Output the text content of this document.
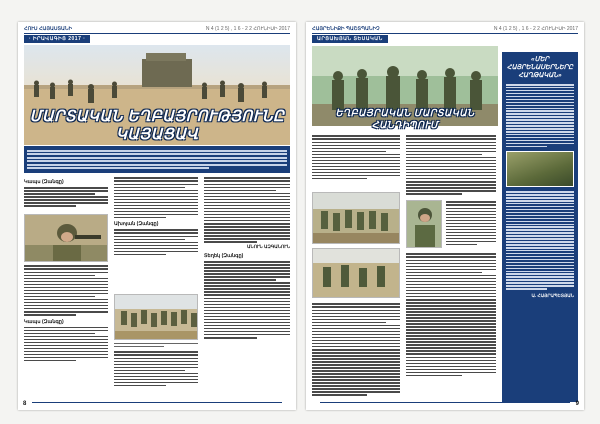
ՀՈՒՍ ՀԱՅԱՍՏԱՆԻ	N 4 (1 2 5) , 1 6 - 2 2 ՀՈՒՆԻՍԻ 2017
· ԻՐԱՎԱԳԻՑ 2017 ·
ՄԱՐՏԱԿԱՆ ԵՂԲԱՅՐՈՒԹՅՈՒՆԸ ԿԱՅԱՑԱՎ
Կապս (Զանգը)
Կապս (Զանգը)
Ախոյան (Զանգը)
ԱՆՈՒՆ ԱԶԳԱՆՈՒՆ
Տեղեկ (Զանգը)
8
ՀԱՅՐԵՆԻՔԻ ՊԱՇՏՊԱՆԻՉ	N 4 (1 2 5) , 1 6 - 2 2 ՀՈՒՆԻՍԻ 2017
ԱՐՑԱԽՅԱՆ ՏԵՍԱԿԱՆ
ԵՂԲԱՅՐԱԿԱՆ ՄԱՐՏԱԿԱՆ
ՀԱՆԴԻՊՈՒՄ
«ՄԵՐ ՀԱՅՐԵՆԱՍԵՐՆԵՐԸ ՀԱՂԹԱԿԱՆ»
Ա. ՀԱՅՐԱՊԵՏՅԱՆ
9
